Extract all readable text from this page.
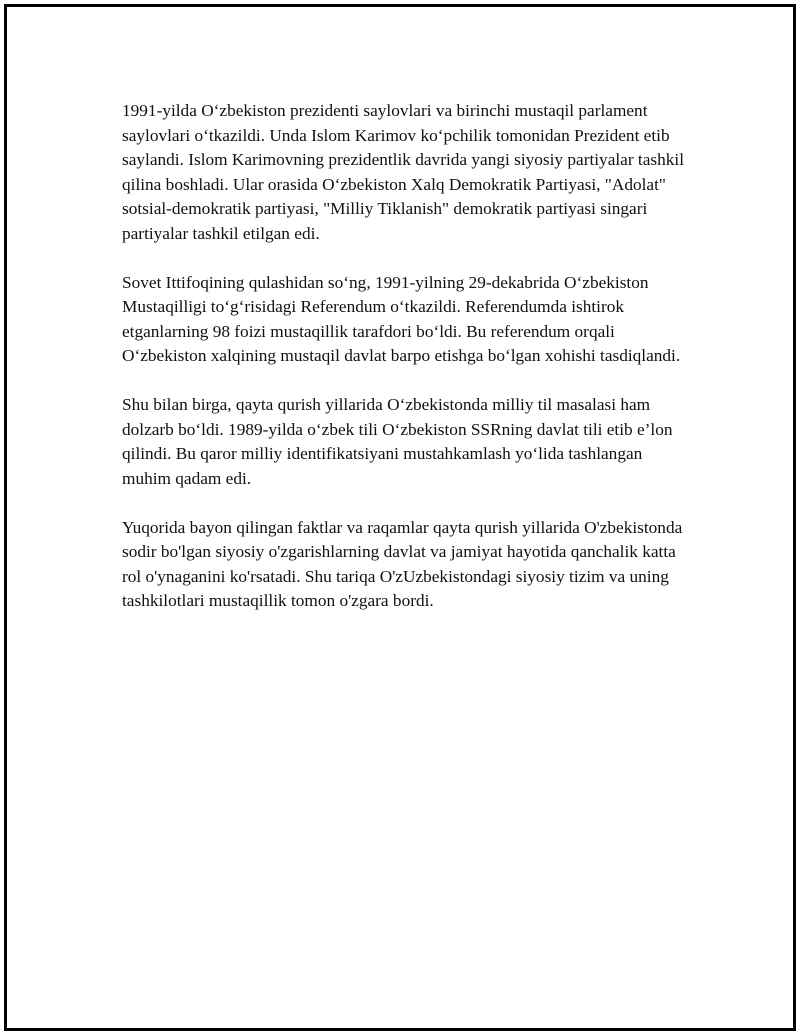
1991-yilda O‘zbekiston prezidenti saylovlari va birinchi mustaqil parlament saylovlari o‘tkazildi. Unda Islom Karimov ko‘pchilik tomonidan Prezident etib saylandi. Islom Karimovning prezidentlik davrida yangi siyosiy partiyalar tashkil qilina boshladi. Ular orasida O‘zbekiston Xalq Demokratik Partiyasi, "Adolat" sotsial-demokratik partiyasi, "Milliy Tiklanish" demokratik partiyasi singari partiyalar tashkil etilgan edi.

Sovet Ittifoqining qulashidan so‘ng, 1991-yilning 29-dekabrida O‘zbekiston Mustaqilligi to‘g‘risidagi Referendum o‘tkazildi. Referendumda ishtirok etganlarning 98 foizi mustaqillik tarafdori bo‘ldi. Bu referendum orqali O‘zbekiston xalqining mustaqil davlat barpo etishga bo‘lgan xohishi tasdiqlandi.

Shu bilan birga, qayta qurish yillarida O‘zbekistonda milliy til masalasi ham dolzarb bo‘ldi. 1989-yilda o‘zbek tili O‘zbekiston SSRning davlat tili etib e’lon qilindi. Bu qaror milliy identifikatsiyani mustahkamlash yo‘lida tashlangan muhim qadam edi.

Yuqorida bayon qilingan faktlar va raqamlar qayta qurish yillarida O'zbekistonda sodir bo'lgan siyosiy o'zgarishlarning davlat va jamiyat hayotida qanchalik katta rol o'ynaganini ko'rsatadi. Shu tariqa O'zUzbekistondagi siyosiy tizim va uning tashkilotlari mustaqillik tomon o'zgara bordi.
